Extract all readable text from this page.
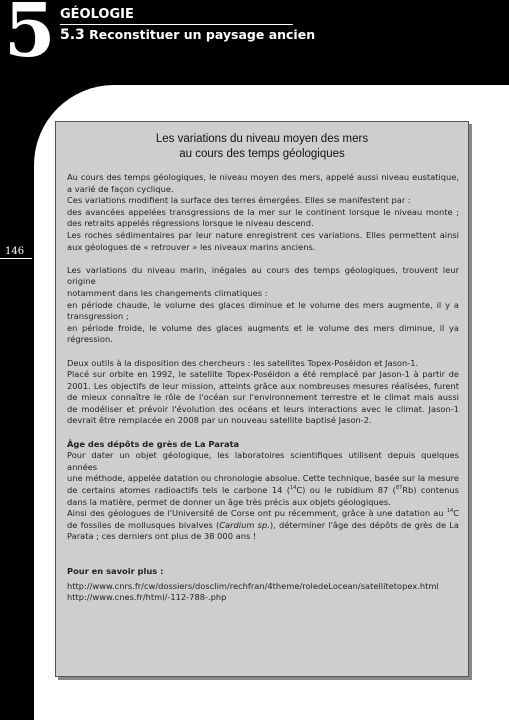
5 GÉOLOGIE
5.3 Reconstituer un paysage ancien
146
Les variations du niveau moyen des mers
au cours des temps géologiques

Au cours des temps géologiques, le niveau moyen des mers, appelé aussi niveau eustatique,
a varié de façon cyclique.
Ces variations modifient la surface des terres émergées. Elles se manifestent par :
des avancées appelées transgressions de la mer sur le continent lorsque le niveau monte ;
des retraits appelés régressions lorsque le niveau descend.
Les roches sédimentaires par leur nature enregistrent ces variations. Elles permettent ainsi
aux géologues de « retrouver » les niveaux marins anciens.

Les variations du niveau marin, inégales au cours des temps géologiques, trouvent leur origine
notamment dans les changements climatiques :
en période chaude, le volume des glaces diminue et le volume des mers augmente, il y a
transgression ;
en période froide, le volume des glaces augments et le volume des mers diminue, il ya
régression.

Deux outils à la disposition des chercheurs : les satellites Topex-Poséidon et Jason-1.
Placé sur orbite en 1992, le satellite Topex-Poséidon a été remplacé par Jason-1 à partir de
2001. Les objectifs de leur mission, atteints grâce aux nombreuses mesures réalisées, furent
de mieux connaître le rôle de l'océan sur l'environnement terrestre et le climat mais aussi
de modéliser et prévoir l'évolution des océans et leurs interactions avec le climat. Jason-1
devrait être remplacée en 2008 par un nouveau satellite baptisé Jason-2.

Âge des dépôts de grès de La Parata
Pour dater un objet géologique, les laboratoires scientifiques utilisent depuis quelques années
une méthode, appelée datation ou chronologie absolue. Cette technique, basée sur la mesure
de certains atomes radioactifs tels le carbone 14 ($^{14}$C) ou le rubidium 87 ($^{87}$Rb) contenus
dans la matière, permet de donner un âge très précis aux objets géologiques.
Ainsi des géologues de l'Université de Corse ont pu récemment, grâce à une datation au $^{14}$C
de fossiles de mollusques bivalves (Cardium sp.), déterminer l'âge des dépôts de grès de La
Parata ; ces derniers ont plus de 38 000 ans !
Pour en savoir plus :
http://www.cnrs.fr/cw/dossiers/dosclim/rechfran/4theme/roledeLocean/satellitetopex.html
http://www.cnes.fr/html/-112-788-.php
